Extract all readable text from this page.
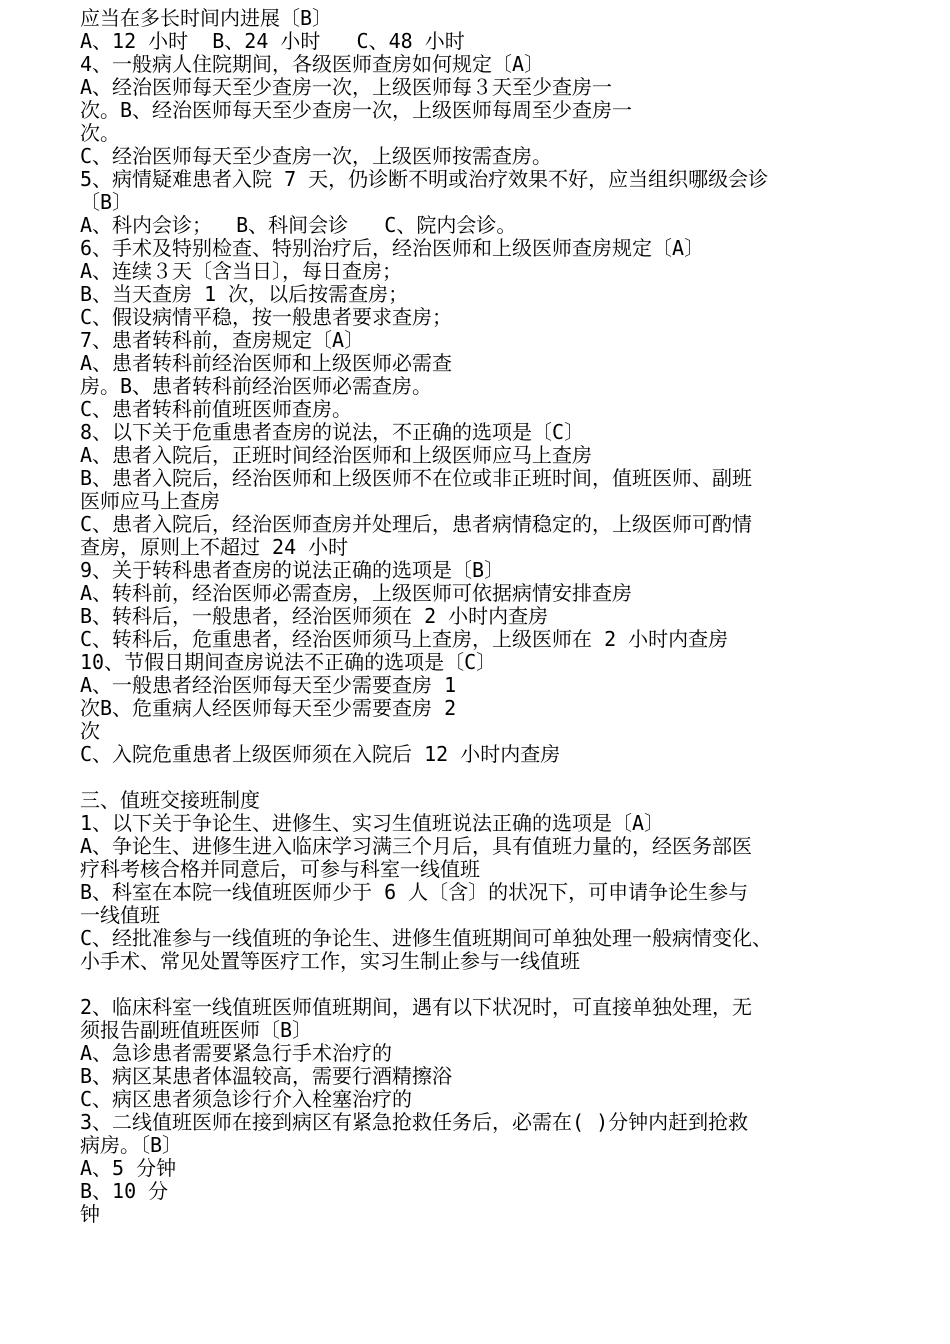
应当在多长时间内进展〔B〕
A、12 小时  B、24 小时   C、48 小时
4、一般病人住院期间，各级医师查房如何规定〔A〕
A、经治医师每天至少查房一次，上级医师每３天至少查房一
次。B、经治医师每天至少查房一次，上级医师每周至少查房一
次。
C、经治医师每天至少查房一次，上级医师按需查房。
5、病情疑难患者入院 7 天，仍诊断不明或治疗效果不好，应当组织哪级会诊
〔B〕
A、科内会诊；  B、科间会诊   C、院内会诊。
6、手术及特别检查、特别治疗后，经治医师和上级医师查房规定〔A〕
A、连续３天〔含当日〕，每日查房；
B、当天查房 1 次，以后按需查房；
C、假设病情平稳，按一般患者要求查房；
7、患者转科前，查房规定〔A〕
A、患者转科前经治医师和上级医师必需查
房。B、患者转科前经治医师必需查房。
C、患者转科前值班医师查房。
8、以下关于危重患者查房的说法，不正确的选项是〔C〕
A、患者入院后，正班时间经治医师和上级医师应马上查房
B、患者入院后，经治医师和上级医师不在位或非正班时间，值班医师、副班
医师应马上查房
C、患者入院后，经治医师查房并处理后，患者病情稳定的，上级医师可酌情
查房，原则上不超过 24 小时
9、关于转科患者查房的说法正确的选项是〔B〕
A、转科前，经治医师必需查房，上级医师可依据病情安排查房
B、转科后，一般患者，经治医师须在 2 小时内查房
C、转科后，危重患者，经治医师须马上查房，上级医师在 2 小时内查房
10、节假日期间查房说法不正确的选项是〔C〕
A、一般患者经治医师每天至少需要查房 1
次B、危重病人经医师每天至少需要查房 2
次
C、入院危重患者上级医师须在入院后 12 小时内查房
三、值班交接班制度
1、以下关于争论生、进修生、实习生值班说法正确的选项是〔A〕
A、争论生、进修生进入临床学习满三个月后，具有值班力量的，经医务部医
疗科考核合格并同意后，可参与科室一线值班
B、科室在本院一线值班医师少于 6 人〔含〕的状况下，可申请争论生参与
一线值班
C、经批准参与一线值班的争论生、进修生值班期间可单独处理一般病情变化、
小手术、常见处置等医疗工作，实习生制止参与一线值班
2、临床科室一线值班医师值班期间，遇有以下状况时，可直接单独处理，无
须报告副班值班医师〔B〕
A、急诊患者需要紧急行手术治疗的
B、病区某患者体温较高，需要行酒精擦浴
C、病区患者须急诊行介入栓塞治疗的
3、二线值班医师在接到病区有紧急抢救任务后，必需在( )分钟内赶到抢救
病房。〔B〕
A、5 分钟
B、10 分
钟
